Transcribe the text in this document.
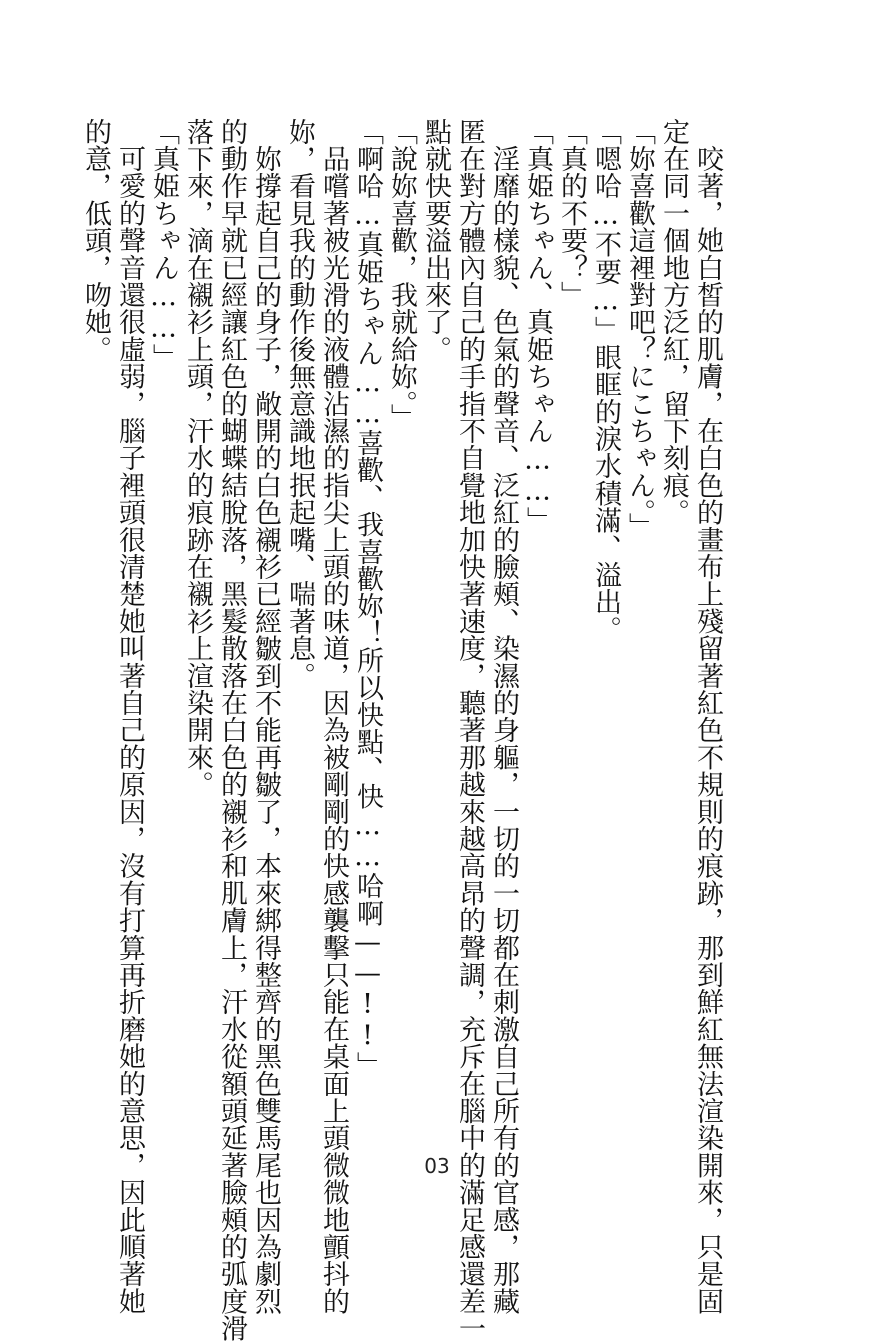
　咬著，她白皙的肌膚，在白色的畫布上殘留著紅色不規則的痕跡，那到鮮紅無法渲染開來，只是固

定在同一個地方泛紅，留下刻痕。

「妳喜歡這裡對吧？にこちゃん。」

「嗯哈…不要…」眼眶的淚水積滿、溢出。

「真的不要？」

「真姫ちゃん、真姫ちゃん……」

　淫靡的樣貌、色氣的聲音、泛紅的臉頰、染濕的身軀，一切的一切都在刺激自己所有的官感，那藏

匿在對方體內自己的手指不自覺地加快著速度，聽著那越來越高昂的聲調，充斥在腦中的滿足感還差一

點就快要溢出來了。

「說妳喜歡，我就給妳。」

「啊哈…真姫ちゃん……喜歡、我喜歡妳！所以快點、快……哈啊——!!」

　品嚐著被光滑的液體沾濕的指尖上頭的味道，因為被剛剛的快感襲擊只能在桌面上頭微微地顫抖的

妳，看見我的動作後無意識地抿起嘴、喘著息。

　妳撐起自己的身子，敞開的白色襯衫已經皺到不能再皺了，本來綁得整齊的黑色雙馬尾也因為劇烈

的動作早就已經讓紅色的蝴蝶結脫落，黑髮散落在白色的襯衫和肌膚上，汗水從額頭延著臉頰的弧度滑

落下來，滴在襯衫上頭，汗水的痕跡在襯衫上渲染開來。

「真姫ちゃん……」

　可愛的聲音還很虛弱，腦子裡頭很清楚她叫著自己的原因，沒有打算再折磨她的意思，因此順著她

的意，低頭，吻她。

03
